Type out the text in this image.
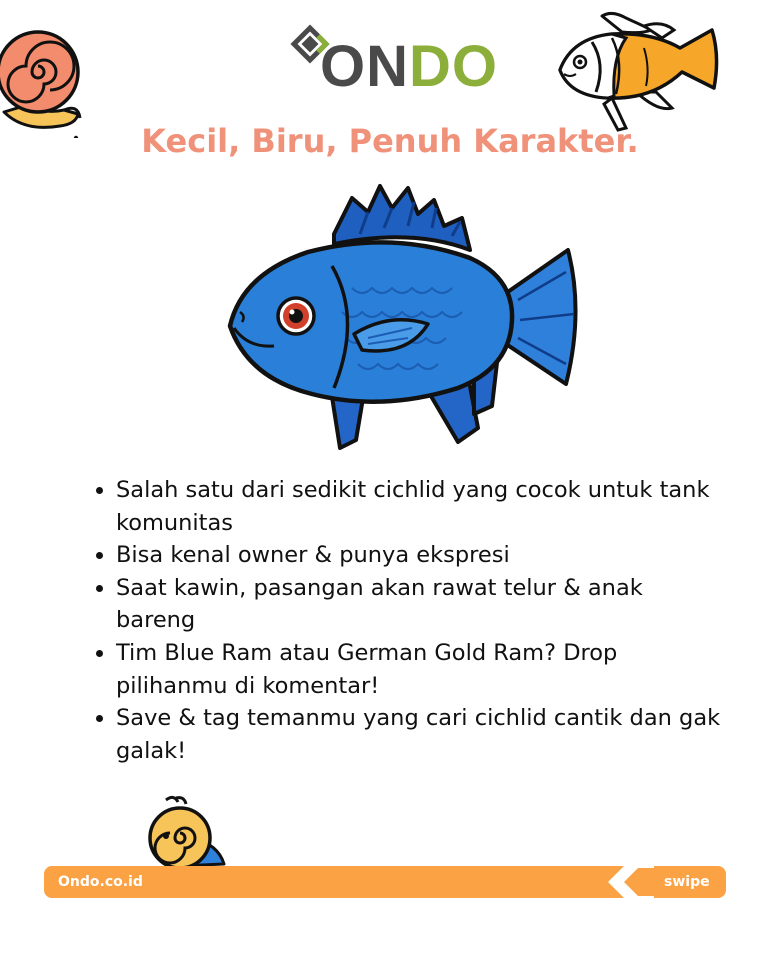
ONDO
Kecil, Biru, Penuh Karakter.
• Salah satu dari sedikit cichlid yang cocok untuk tank komunitas
• Bisa kenal owner & punya ekspresi
• Saat kawin, pasangan akan rawat telur & anak bareng
• Tim Blue Ram atau German Gold Ram? Drop pilihanmu di komentar!
• Save & tag temanmu yang cari cichlid cantik dan gak galak!
Ondo.co.id	swipe
